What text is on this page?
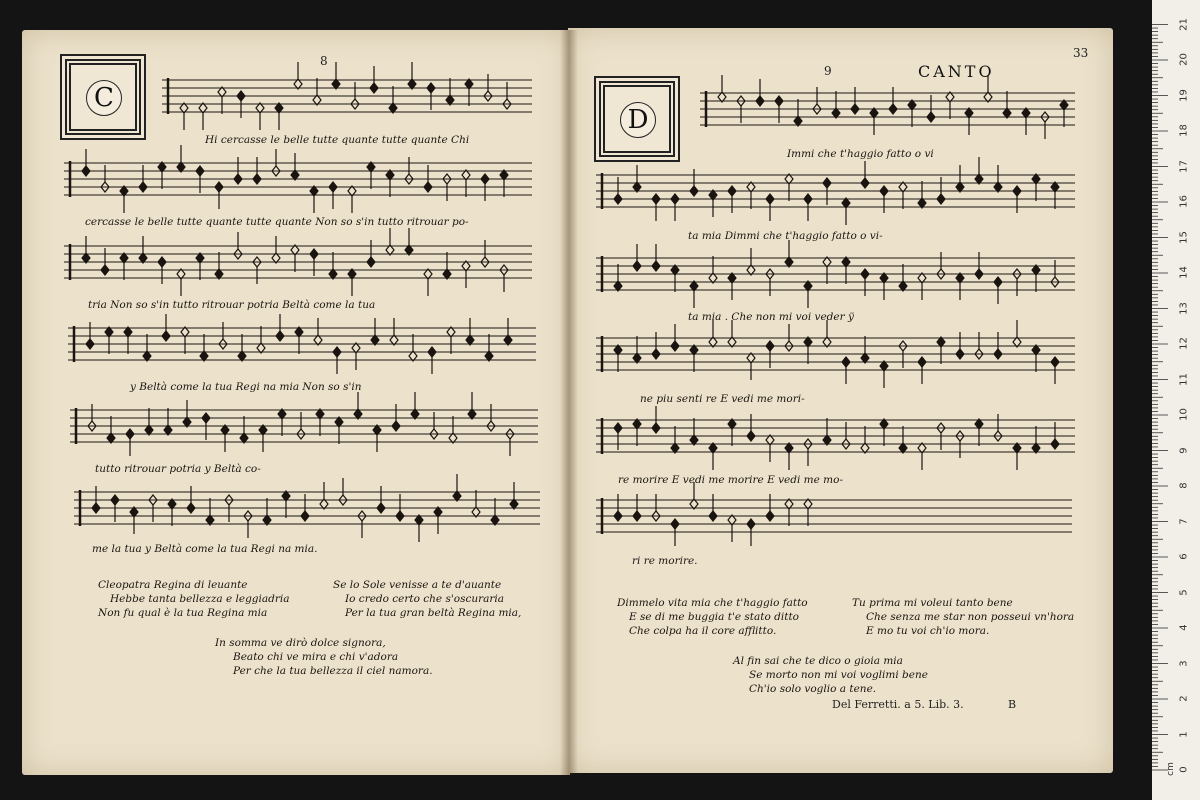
8
C
Hi cercasse le belle tutte quante tutte quante Chi
cercasse le belle tutte quante tutte quante Non so s'in tutto ritrouar po-
tria Non so s'in tutto ritrouar potria Beltà come la tua
y Beltà come la tua Regi na mia Non so s'in
tutto ritrouar potria y Beltà co-
me la tua y Beltà come la tua Regi na mia.
Cleopatra Regina di leuante
Hebbe tanta bellezza e leggiadria
Non fu qual è la tua Regina mia
Se lo Sole venisse a te d'auante
Io credo certo che s'oscuraria
Per la tua gran beltà Regina mia,
In somma ve dirò dolce signora,
Beato chi ve mira e chi v'adora
Per che la tua bellezza il ciel namora.
33
9	CANTO
D
Immi che t'haggio fatto o vi
ta mia Dimmi che t'haggio fatto o vi-
ta mia . Che non mi voi veder ÿ
ne piu senti re E vedi me mori-
re morire E vedi me morire E vedi me mo-
ri re morire.
Dimmelo vita mia che t'haggio fatto
E se di me buggia t'e stato ditto
Che colpa ha il core afflitto.
Tu prima mi voleui tanto bene
Che senza me star non posseui vn'hora
E mo tu voi ch'io mora.
Al fin sai che te dico o gioia mia
Se morto non mi voi voglimi bene
Ch'io solo voglio a tene.
Del Ferretti. a 5. Lib. 3.	B
0
1
2
3
4
5
6
7
8
9
10
11
12
13
14
15
16
17
18
19
20
21
cm
